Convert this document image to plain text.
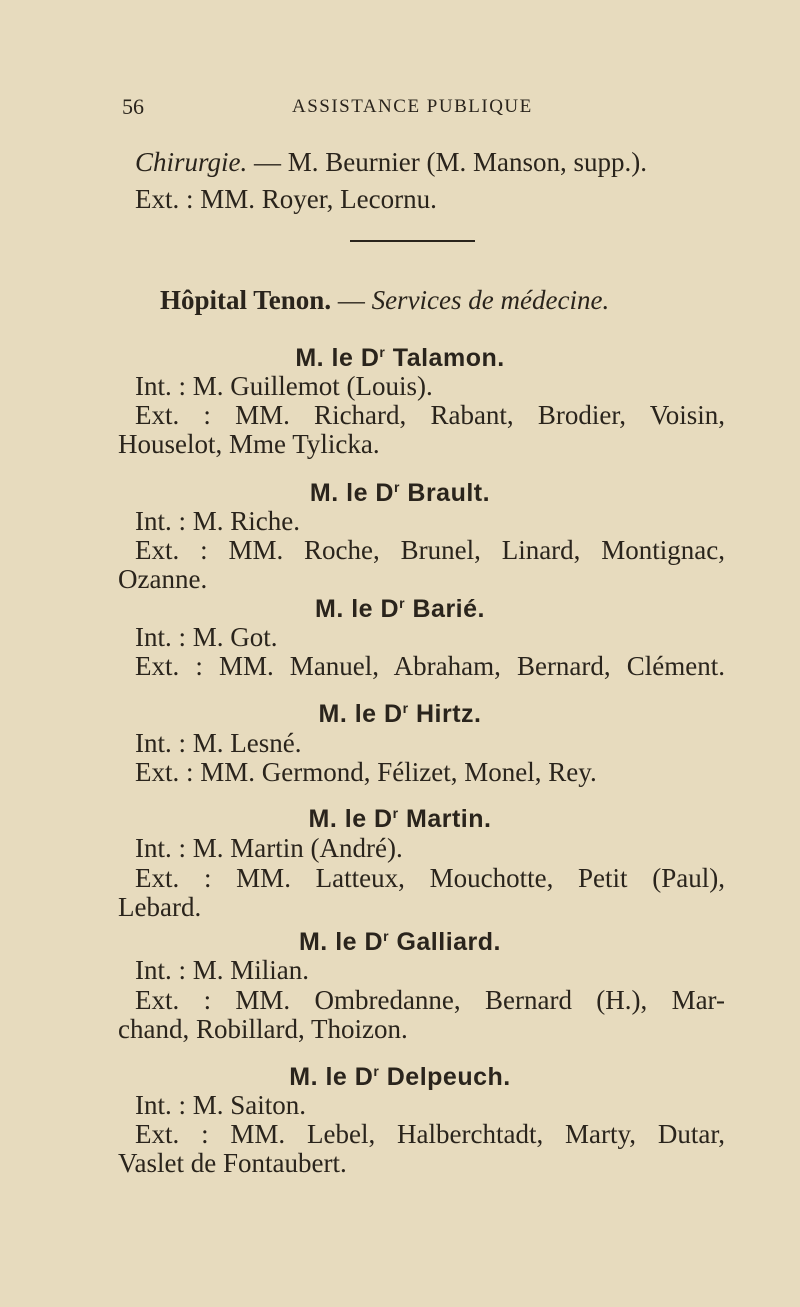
56	ASSISTANCE PUBLIQUE
Chirurgie. — M. Beurnier (M. Manson, supp.).
Ext. : MM. Royer, Lecornu.
Hôpital Tenon. — Services de médecine.
M. le $D^r$ Talamon.
Int. : M. Guillemot (Louis).
Ext. : MM. Richard, Rabant, Brodier, Voisin,
Houselot, Mme Tylicka.
M. le $D^r$ Brault.
Int. : M. Riche.
Ext. : MM. Roche, Brunel, Linard, Montignac,
Ozanne.
M. le $D^r$ Barié.
Int. : M. Got.
Ext. : MM. Manuel, Abraham, Bernard, Clément.
M. le $D^r$ Hirtz.
Int. : M. Lesné.
Ext. : MM. Germond, Félizet, Monel, Rey.
M. le $D^r$ Martin.
Int. : M. Martin (André).
Ext. : MM. Latteux, Mouchotte, Petit (Paul),
Lebard.
M. le $D^r$ Galliard.
Int. : M. Milian.
Ext. : MM. Ombredanne, Bernard (H.), Mar-
chand, Robillard, Thoizon.
M. le $D^r$ Delpeuch.
Int. : M. Saiton.
Ext. : MM. Lebel, Halberchtadt, Marty, Dutar,
Vaslet de Fontaubert.
